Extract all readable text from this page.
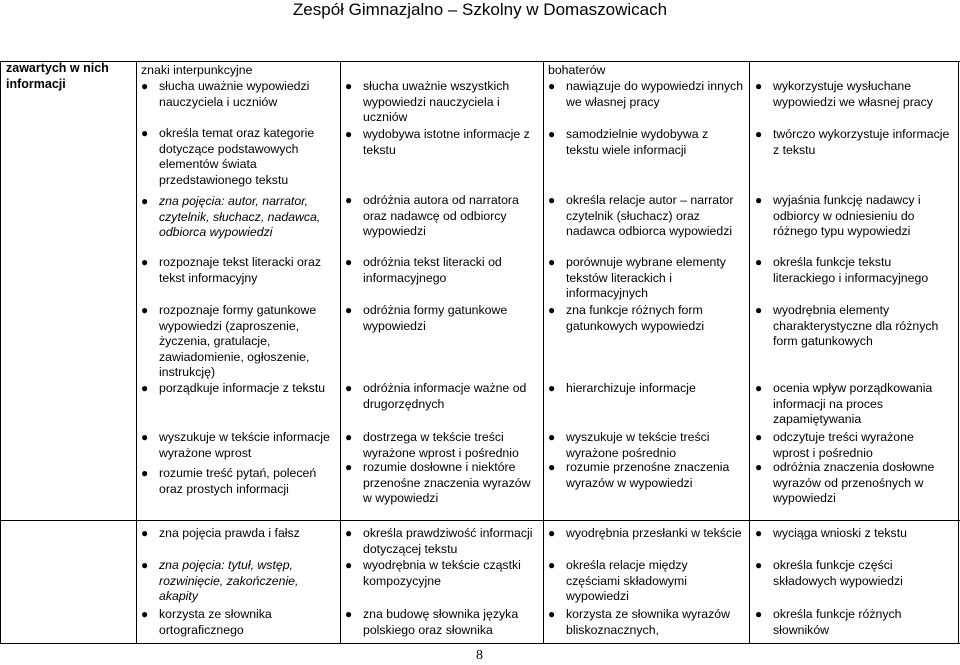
Zespół Gimnazjalno – Szkolny w Domaszowicach
zawartych w nich informacji
znaki interpunkcyjne
● słucha uważnie wypowiedzi nauczyciela i uczniów
● określa temat oraz kategorie dotyczące podstawowych elementów świata przedstawionego tekstu
● zna pojęcia: autor, narrator, czytelnik, słuchacz, nadawca, odbiorca wypowiedzi
● rozpoznaje tekst literacki oraz tekst informacyjny
● rozpoznaje formy gatunkowe wypowiedzi (zaproszenie, życzenia, gratulacje, zawiadomienie, ogłoszenie, instrukcję)
● porządkuje informacje z tekstu
● wyszukuje w tekście informacje wyrażone wprost
● rozumie treść pytań, poleceń oraz prostych informacji
● słucha uważnie wszystkich wypowiedzi nauczyciela i uczniów
● wydobywa istotne informacje z tekstu
● odróżnia autora od narratora oraz nadawcę od odbiorcy wypowiedzi
● odróżnia tekst literacki od informacyjnego
● odróżnia formy gatunkowe wypowiedzi
● odróżnia informacje ważne od drugorzędnych
● dostrzega w tekście treści wyrażone wprost i pośrednio
● rozumie dosłowne i niektóre przenośne znaczenia wyrazów w wypowiedzi
bohaterów
● nawiązuje do wypowiedzi innych we własnej pracy
● samodzielnie wydobywa z tekstu wiele informacji
● określa relacje autor – narrator czytelnik (słuchacz) oraz nadawca odbiorca wypowiedzi
● porównuje wybrane elementy tekstów literackich i informacyjnych
● zna funkcje różnych form gatunkowych wypowiedzi
● hierarchizuje informacje
● wyszukuje w tekście treści wyrażone pośrednio
● rozumie przenośne znaczenia wyrazów w wypowiedzi
● wykorzystuje wysłuchane wypowiedzi we własnej pracy
● twórczo wykorzystuje informacje z tekstu
● wyjaśnia funkcję nadawcy i odbiorcy w odniesieniu do różnego typu wypowiedzi
● określa funkcje tekstu literackiego i informacyjnego
● wyodrębnia elementy charakterystyczne dla różnych form gatunkowych
● ocenia wpływ porządkowania informacji na proces zapamiętywania
● odczytuje treści wyrażone wprost i pośrednio
● odróżnia znaczenia dosłowne wyrazów od przenośnych w wypowiedzi
● zna pojęcia prawda i fałsz
● zna pojęcia: tytuł, wstęp, rozwinięcie, zakończenie, akapity
● korzysta ze słownika ortograficznego
● określa prawdziwość informacji dotyczącej tekstu
● wyodrębnia w tekście cząstki kompozycyjne
● zna budowę słownika języka polskiego oraz słownika
● wyodrębnia przesłanki w tekście
● określa relacje między częściami składowymi wypowiedzi
● korzysta ze słownika wyrazów bliskoznacznych,
● wyciąga wnioski z tekstu
● określa funkcje części składowych wypowiedzi
● określa funkcje różnych słowników
8
